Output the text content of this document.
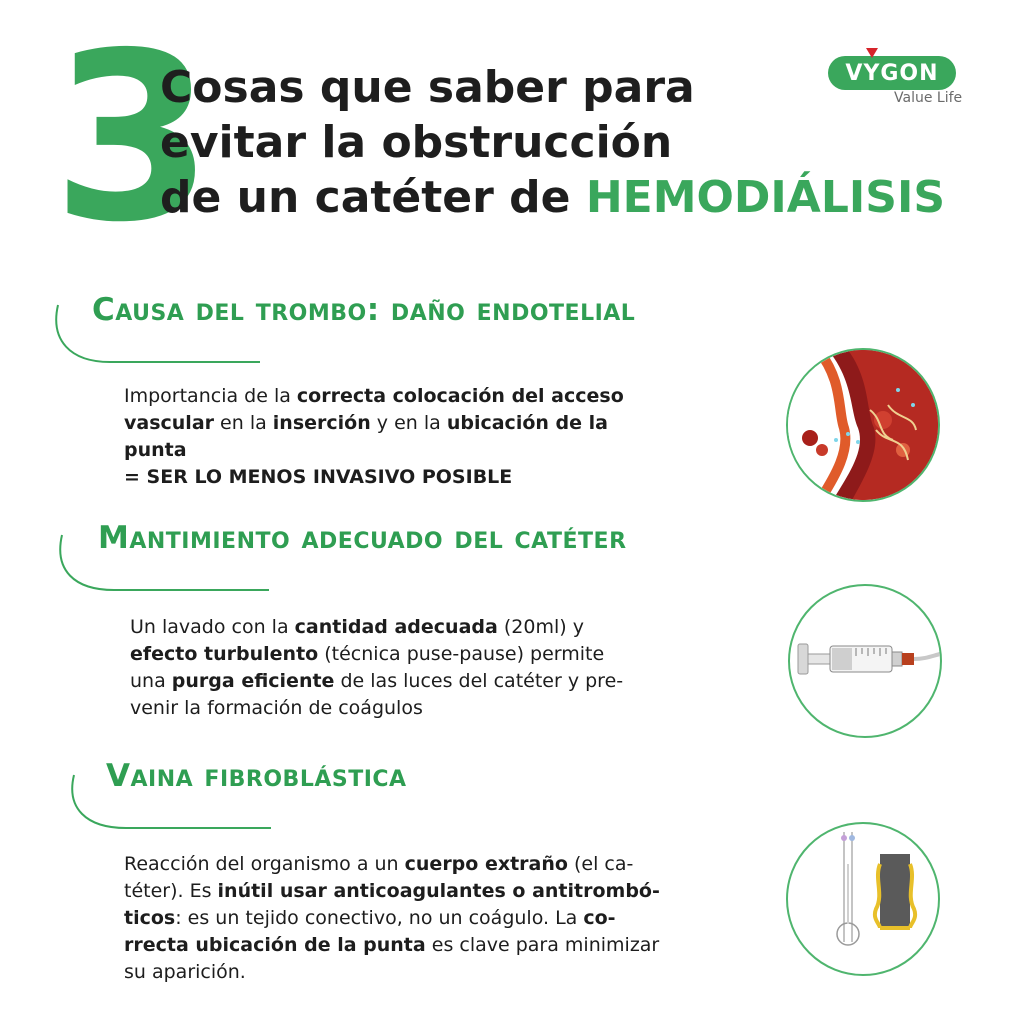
3
Cosas que saber para
evitar la obstrucción
de un catéter de HEMODIÁLISIS
VYGON
Value Life
Causa del trombo: daño endotelial
Importancia de la correcta colocación del acceso
vascular en la inserción y en la ubicación de la
punta
= SER LO MENOS INVASIVO POSIBLE
Mantimiento adecuado del catéter
Un lavado con la cantidad adecuada (20ml) y
efecto turbulento (técnica puse-pause) permite
una purga eficiente de las luces del catéter y pre-
venir la formación de coágulos
Vaina fibroblástica
Reacción del organismo a un cuerpo extraño (el ca-
téter). Es inútil usar anticoagulantes o antitrombó-
ticos: es un tejido conectivo, no un coágulo. La co-
rrecta ubicación de la punta es clave para minimizar
su aparición.
